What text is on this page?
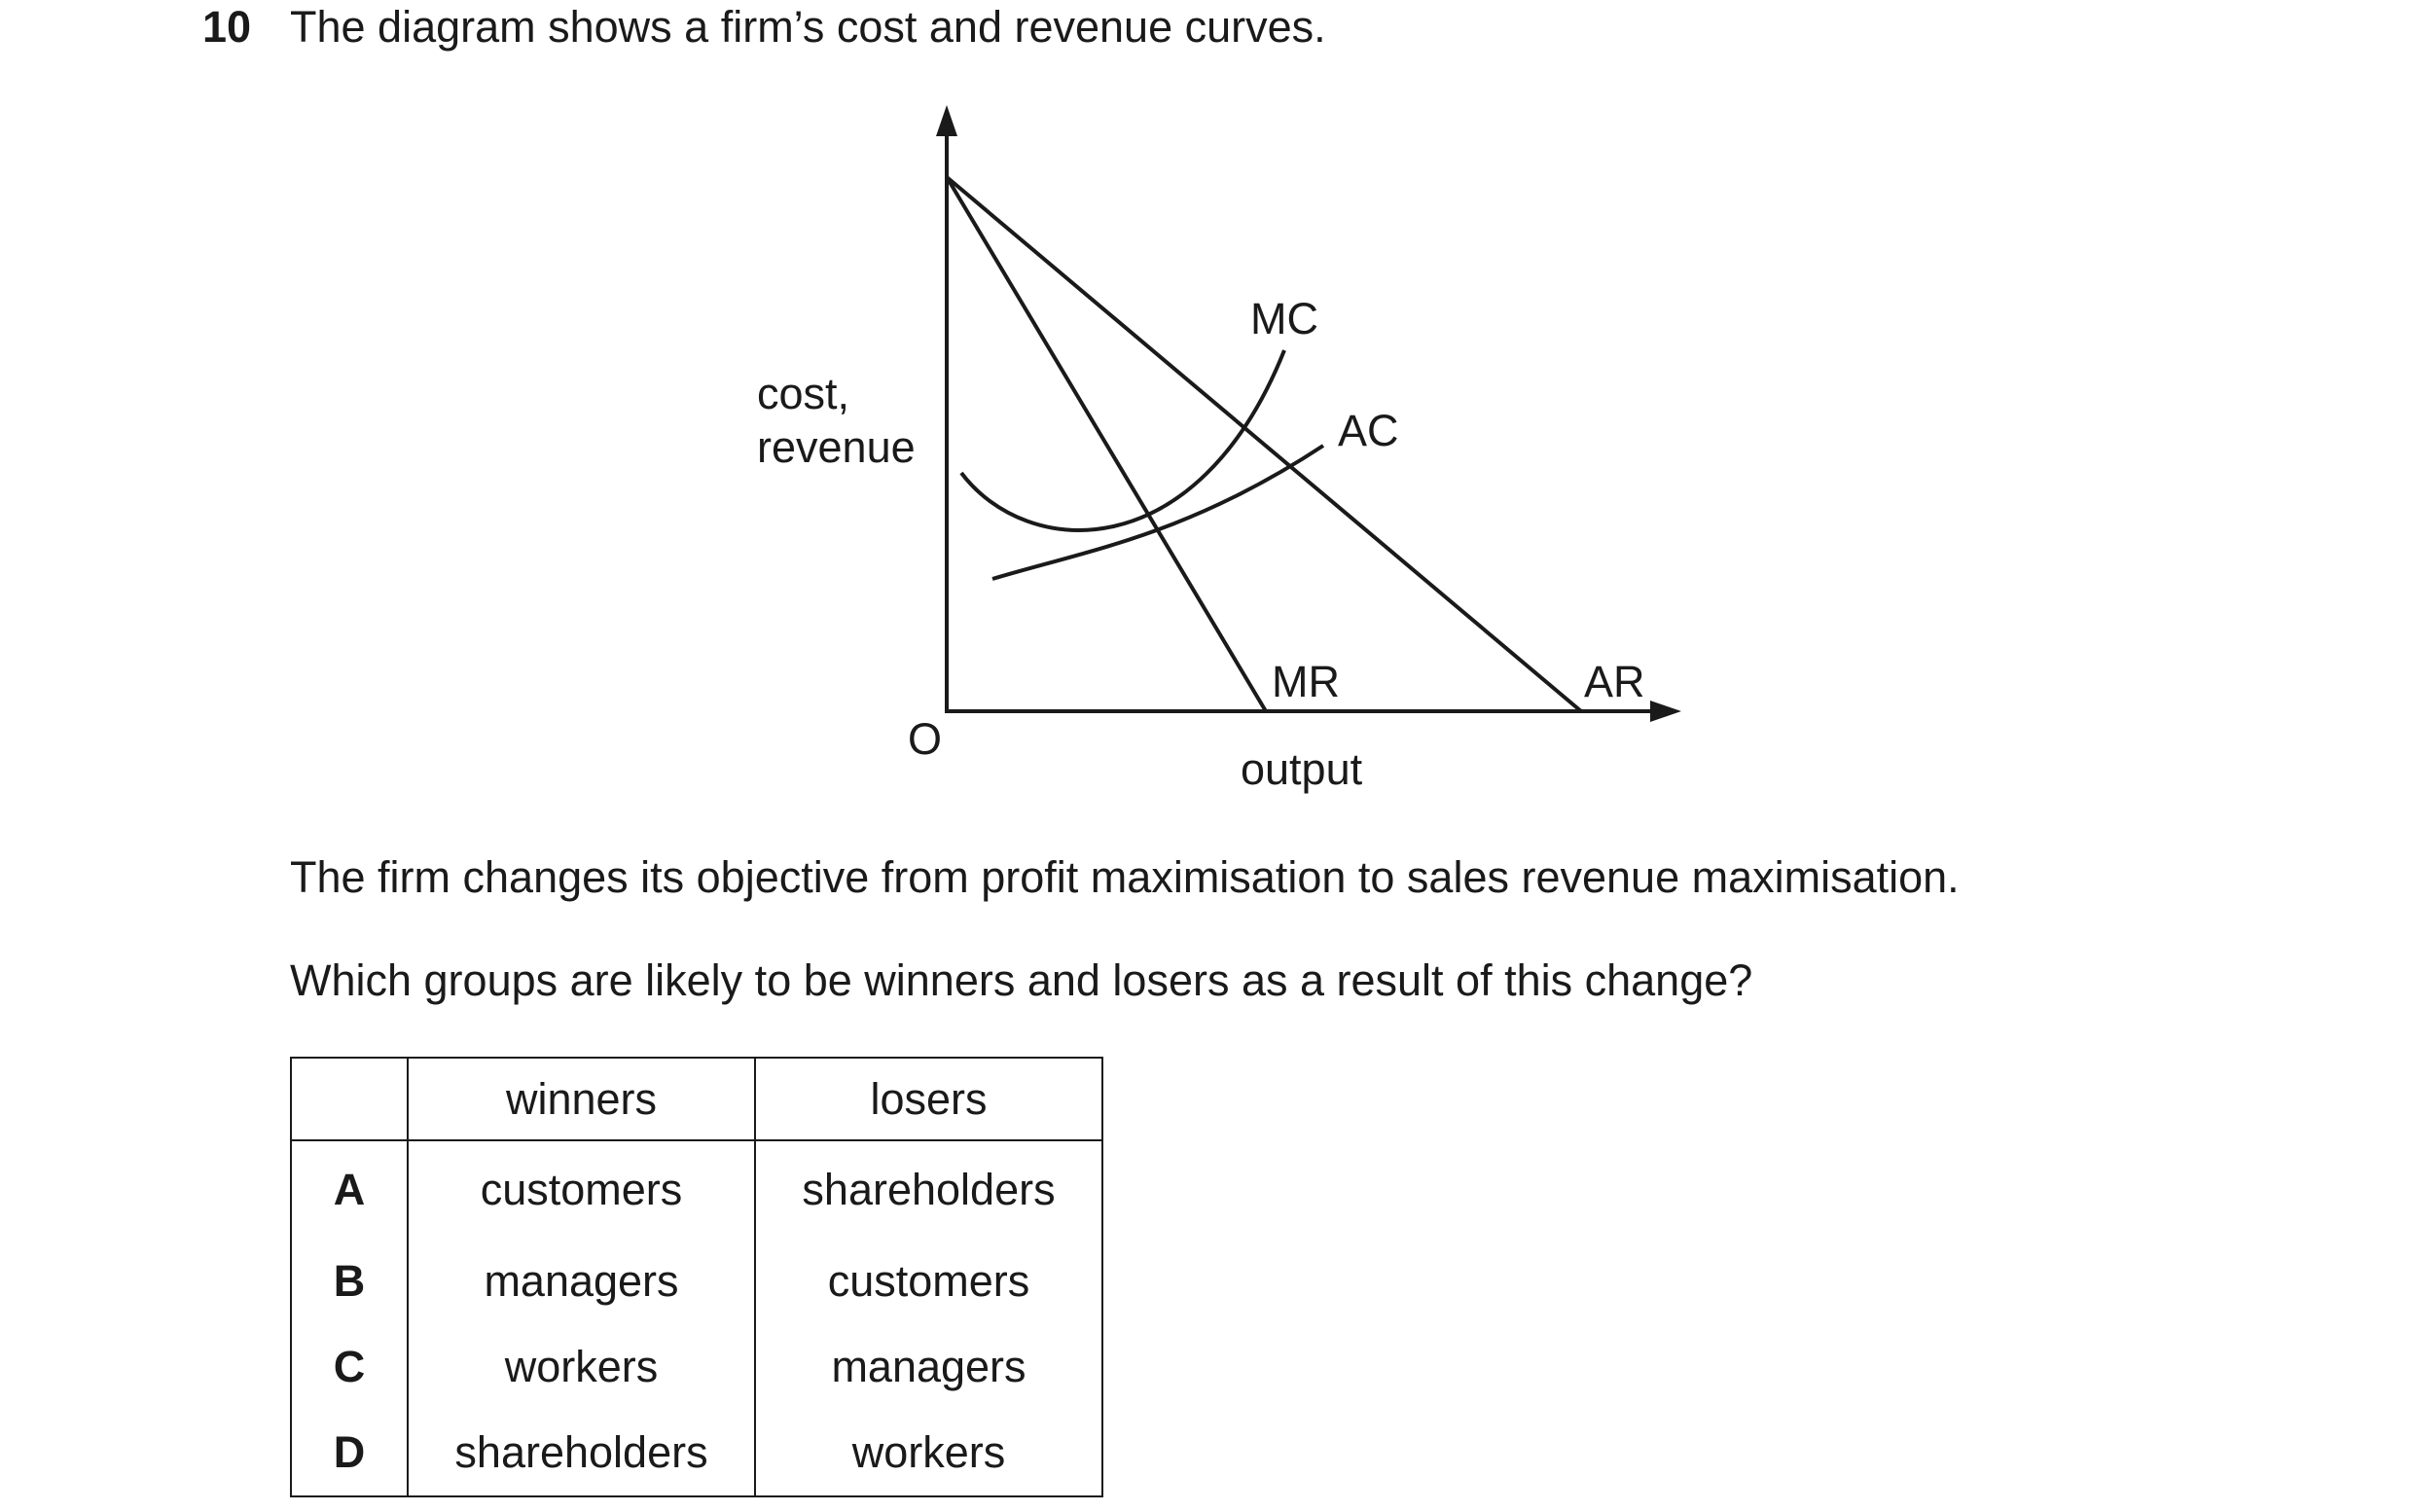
10 The diagram shows a firm’s cost and revenue curves.
cost,
revenue
O
output
MC
AC
MR	AR
The firm changes its objective from profit maximisation to sales revenue maximisation.
Which groups are likely to be winners and losers as a result of this change?
	winners	losers
A	customers	shareholders
B	managers	customers
C	workers	managers
D	shareholders	workers
